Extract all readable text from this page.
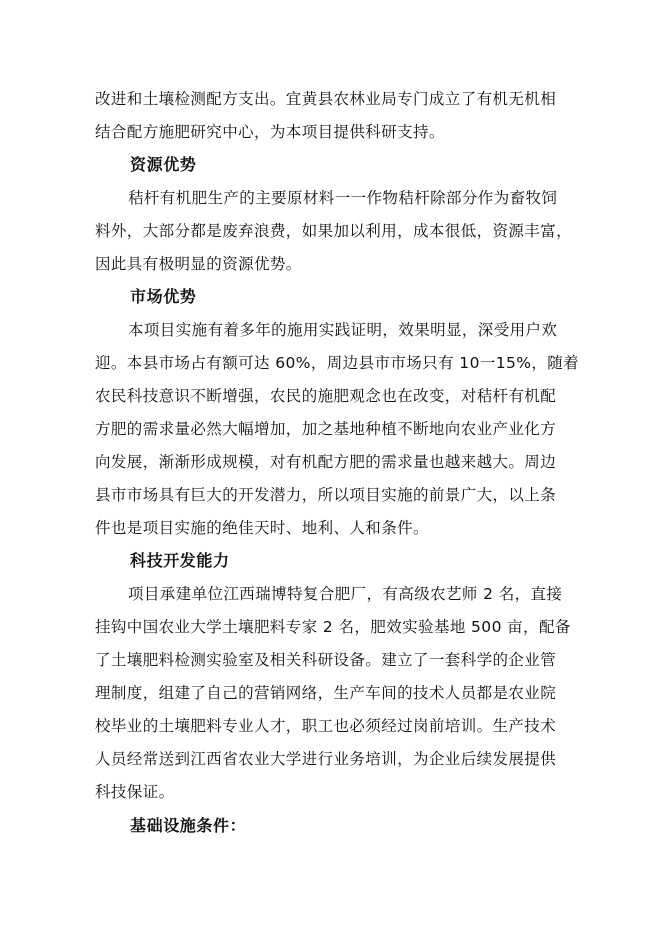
改进和土壤检测配方支出。宜黄县农林业局专门成立了有机无机相
结合配方施肥研究中心，为本项目提供科研支持。
资源优势
秸杆有机肥生产的主要原材料一一作物秸杆除部分作为畜牧饲
料外，大部分都是废弃浪费，如果加以利用，成本很低，资源丰富，
因此具有极明显的资源优势。
市场优势
本项目实施有着多年的施用实践证明，效果明显，深受用户欢
迎。本县市场占有额可达 60%，周边县市市场只有 10一15%，随着
农民科技意识不断增强，农民的施肥观念也在改变，对秸杆有机配
方肥的需求量必然大幅增加，加之基地种植不断地向农业产业化方
向发展，渐渐形成规模，对有机配方肥的需求量也越来越大。周边
县市市场具有巨大的开发潜力，所以项目实施的前景广大，以上条
件也是项目实施的绝佳天时、地利、人和条件。
科技开发能力
项目承建单位江西瑞博特复合肥厂，有高级农艺师 2 名，直接
挂钩中国农业大学土壤肥料专家 2 名，肥效实验基地 500 亩，配备
了土壤肥料检测实验室及相关科研设备。建立了一套科学的企业管
理制度，组建了自己的营销网络，生产车间的技术人员都是农业院
校毕业的土壤肥料专业人才，职工也必须经过岗前培训。生产技术
人员经常送到江西省农业大学进行业务培训，为企业后续发展提供
科技保证。
基础设施条件：
